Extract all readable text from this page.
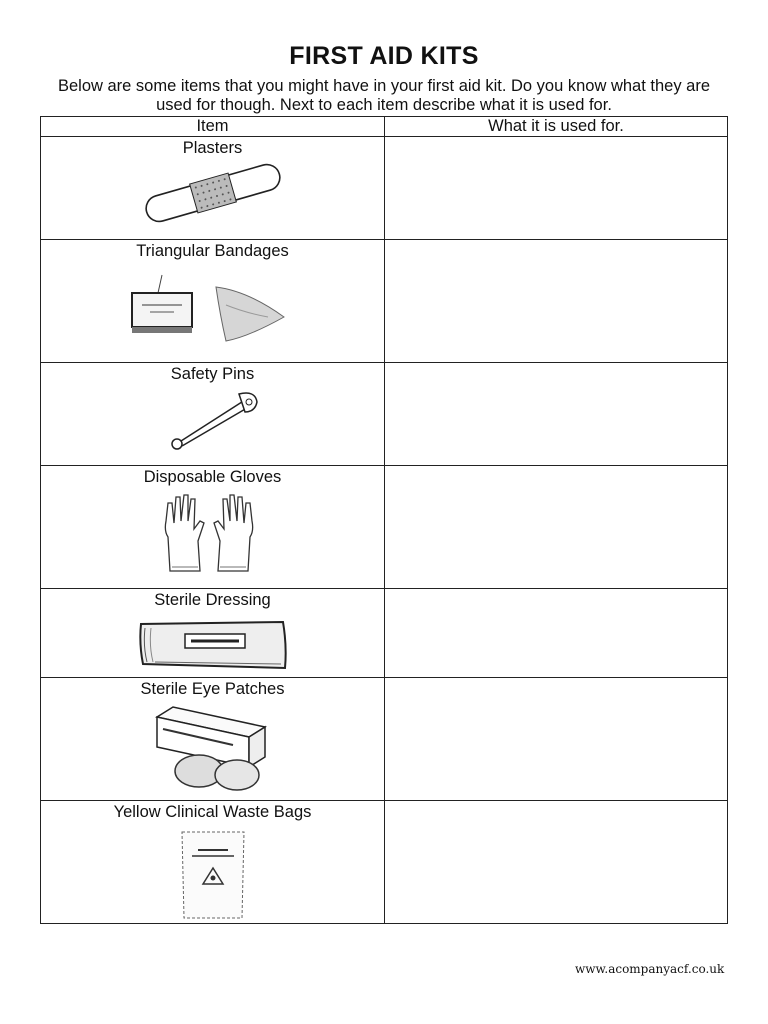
FIRST AID KITS
Below are some items that you might have in your first aid kit. Do you know what they are used for though. Next to each item describe what it is used for.
Item	What it is used for.

Plasters	

Triangular Bandages	

Safety Pins	

Disposable Gloves	

Sterile Dressing	

Sterile Eye Patches	

Yellow Clinical Waste Bags	

www.acompanyacf.co.uk
